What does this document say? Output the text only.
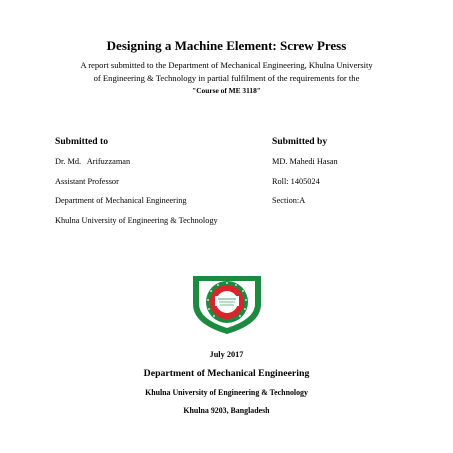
Designing a Machine Element: Screw Press
A report submitted to the Department of Mechanical Engineering, Khulna University
of Engineering & Technology in partial fulfilment of the requirements for the
"Course of ME 3118"
Submitted to
Dr. Md.   Arifuzzaman
Assistant Professor
Department of Mechanical Engineering
Khulna University of Engineering & Technology
Submitted by
MD. Mahedi Hasan
Roll: 1405024
Section:A
July 2017
Department of Mechanical Engineering
Khulna University of Engineering & Technology
Khulna 9203, Bangladesh
